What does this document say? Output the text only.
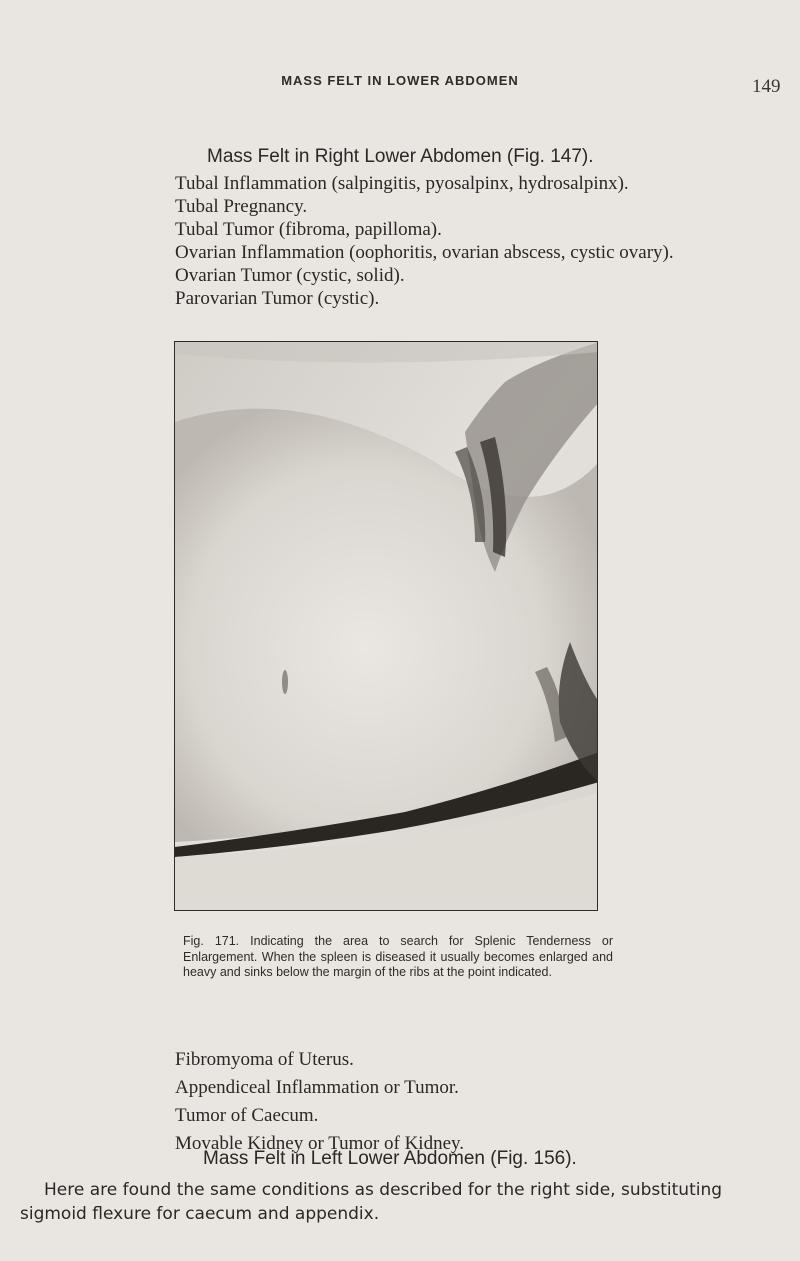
MASS FELT IN LOWER ABDOMEN	149
Mass Felt in Right Lower Abdomen (Fig. 147).
Tubal Inflammation (salpingitis, pyosalpinx, hydrosalpinx).
Tubal Pregnancy.
Tubal Tumor (fibroma, papilloma).
Ovarian Inflammation (oophoritis, ovarian abscess, cystic ovary).
Ovarian Tumor (cystic, solid).
Parovarian Tumor (cystic).
Fig. 171. Indicating the area to search for Splenic Tenderness or Enlargement. When the spleen is diseased it usually becomes enlarged and heavy and sinks below the margin of the ribs at the point indicated.
Fibromyoma of Uterus.
Appendiceal Inflammation or Tumor.
Tumor of Caecum.
Movable Kidney or Tumor of Kidney.
Mass Felt in Left Lower Abdomen (Fig. 156).
Here are found the same conditions as described for the right side, substituting
sigmoid flexure for caecum and appendix.
